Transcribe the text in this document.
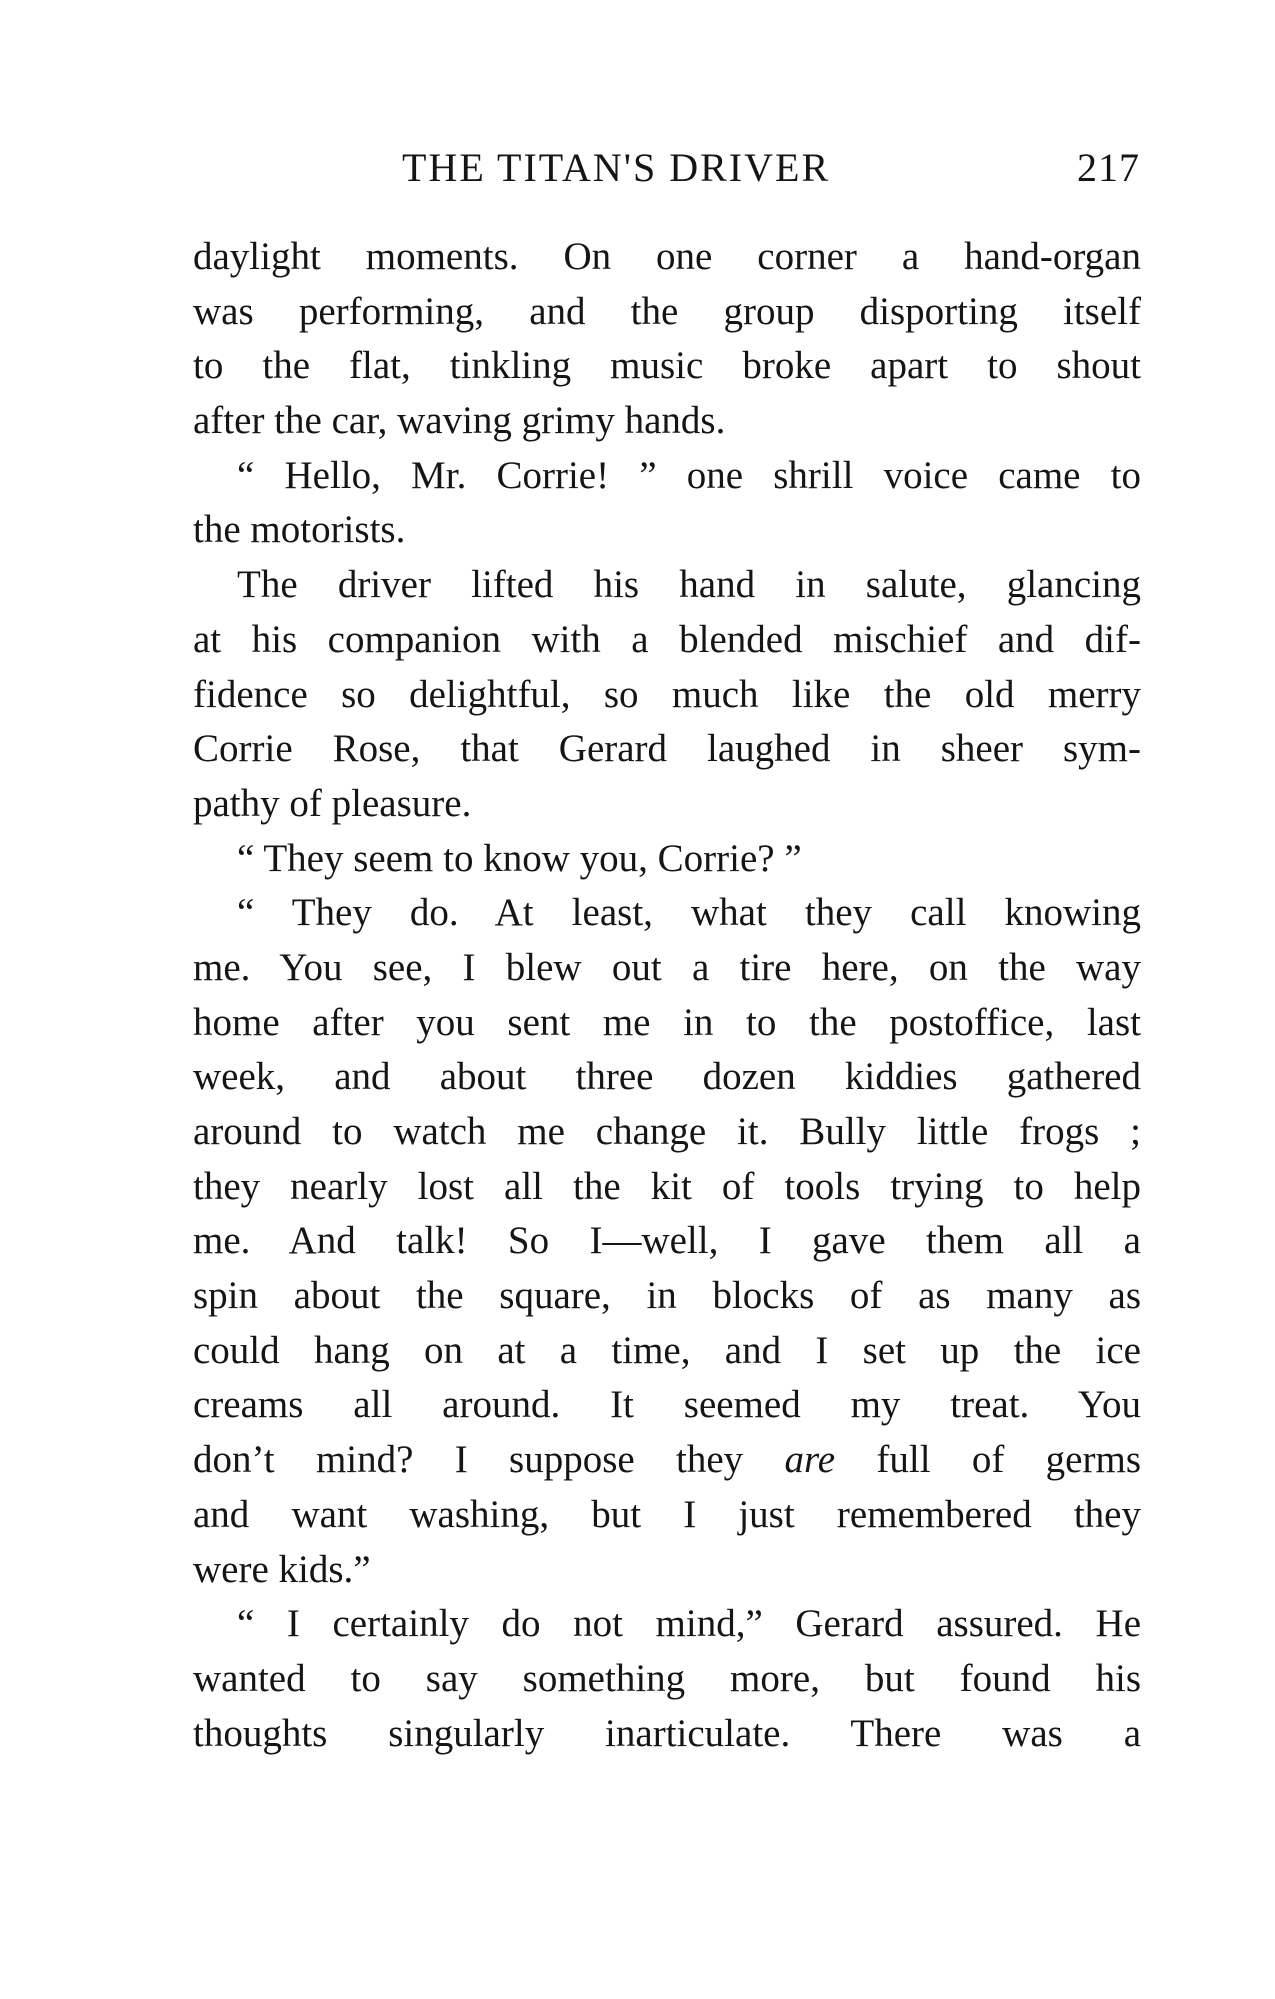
THE TITAN'S DRIVER	217
daylight moments. On one corner a hand-organ
was performing, and the group disporting itself
to the flat, tinkling music broke apart to shout
after the car, waving grimy hands.
“ Hello, Mr. Corrie! ” one shrill voice came to
the motorists.
The driver lifted his hand in salute, glancing
at his companion with a blended mischief and dif-
fidence so delightful, so much like the old merry
Corrie Rose, that Gerard laughed in sheer sym-
pathy of pleasure.
“ They seem to know you, Corrie? ”
“ They do. At least, what they call knowing
me. You see, I blew out a tire here, on the way
home after you sent me in to the postoffice, last
week, and about three dozen kiddies gathered
around to watch me change it. Bully little frogs ;
they nearly lost all the kit of tools trying to help
me. And talk! So I—well, I gave them all a
spin about the square, in blocks of as many as
could hang on at a time, and I set up the ice
creams all around. It seemed my treat. You
don’t mind? I suppose they are full of germs
and want washing, but I just remembered they
were kids.”
“ I certainly do not mind,” Gerard assured. He
wanted to say something more, but found his
thoughts singularly inarticulate. There was a
